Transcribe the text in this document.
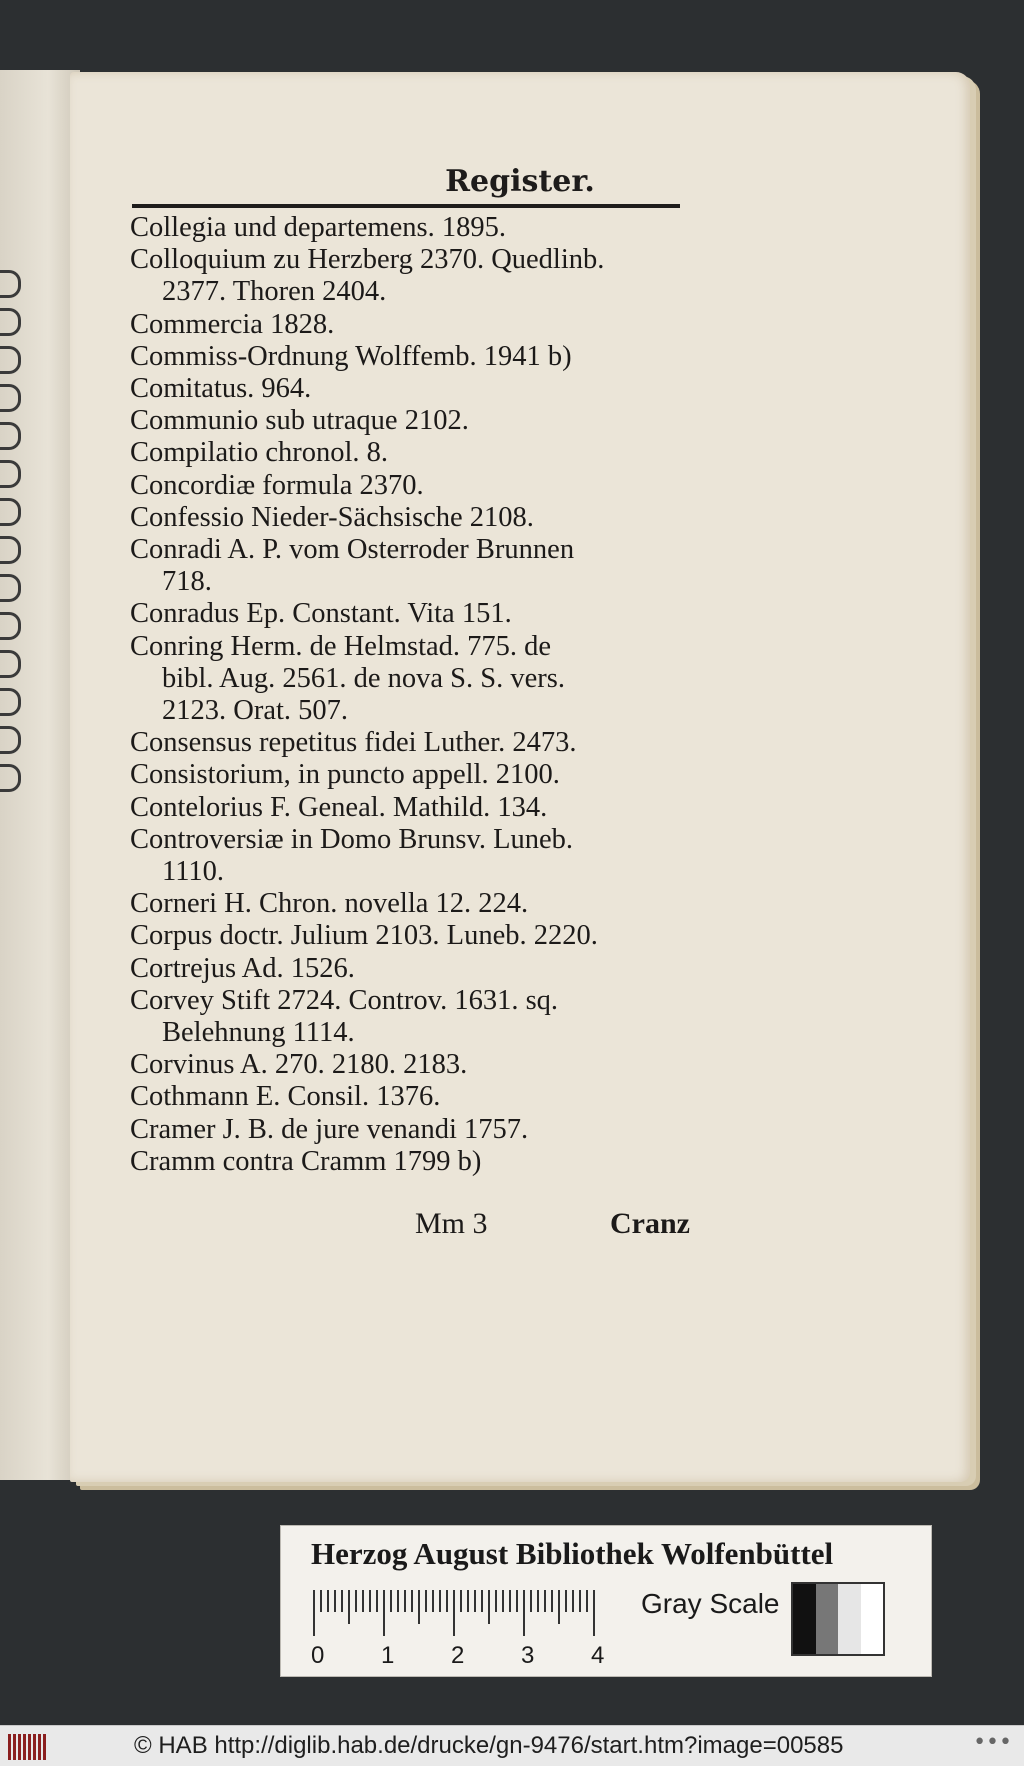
Register.
Collegia und departemens. 1895.
Colloquium zu Herzberg 2370. Quedlinb.
2377. Thoren 2404.
Commercia 1828.
Commiss-Ordnung Wolffemb. 1941 b)
Comitatus. 964.
Communio sub utraque 2102.
Compilatio chronol. 8.
Concordiæ formula 2370.
Confessio Nieder-Sächsische 2108.
Conradi A. P. vom Osterroder Brunnen
718.
Conradus Ep. Constant. Vita 151.
Conring Herm. de Helmstad. 775. de
bibl. Aug. 2561. de nova S. S. vers.
2123. Orat. 507.
Consensus repetitus fidei Luther. 2473.
Consistorium, in puncto appell. 2100.
Contelorius F. Geneal. Mathild. 134.
Controversiæ in Domo Brunsv. Luneb.
1110.
Corneri H. Chron. novella 12. 224.
Corpus doctr. Julium 2103. Luneb. 2220.
Cortrejus Ad. 1526.
Corvey Stift 2724. Controv. 1631. sq.
Belehnung 1114.
Corvinus A. 270. 2180. 2183.
Cothmann E. Consil. 1376.
Cramer J. B. de jure venandi 1757.
Cramm contra Cramm 1799 b)
Mm 3	Cranz
Herzog August Bibliothek Wolfenbüttel
0 1 2 3 4
Gray Scale
© HAB http://diglib.hab.de/drucke/gn-9476/start.htm?image=00585	•••
